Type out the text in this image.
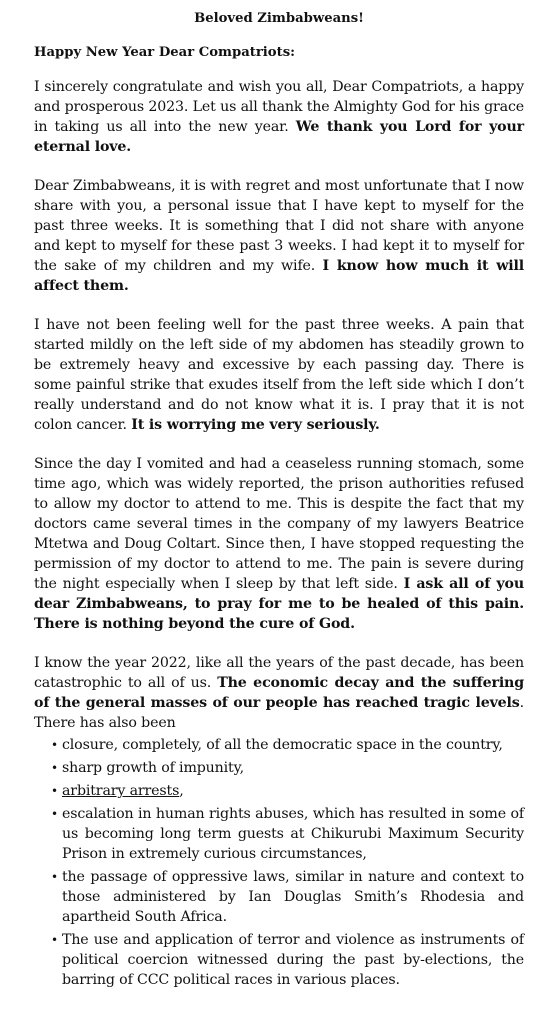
Beloved Zimbabweans!
Happy New Year Dear Compatriots:

I sincerely congratulate and wish you all, Dear Compatriots, a happy and prosperous 2023. Let us all thank the Almighty God for his grace in taking us all into the new year. We thank you Lord for your eternal love.

Dear Zimbabweans, it is with regret and most unfortunate that I now share with you, a personal issue that I have kept to myself for the past three weeks. It is something that I did not share with anyone and kept to myself for these past 3 weeks. I had kept it to myself for the sake of my children and my wife. I know how much it will affect them.

I have not been feeling well for the past three weeks. A pain that started mildly on the left side of my abdomen has steadily grown to be extremely heavy and excessive by each passing day. There is some painful strike that exudes itself from the left side which I don’t really understand and do not know what it is. I pray that it is not colon cancer. It is worrying me very seriously.

Since the day I vomited and had a ceaseless running stomach, some time ago, which was widely reported, the prison authorities refused to allow my doctor to attend to me. This is despite the fact that my doctors came several times in the company of my lawyers Beatrice Mtetwa and Doug Coltart. Since then, I have stopped requesting the permission of my doctor to attend to me. The pain is severe during the night especially when I sleep by that left side. I ask all of you dear Zimbabweans, to pray for me to be healed of this pain. There is nothing beyond the cure of God.

I know the year 2022, like all the years of the past decade, has been catastrophic to all of us. The economic decay and the suffering of the general masses of our people has reached tragic levels. There has also been

• closure, completely, of all the democratic space in the country,
• sharp growth of impunity,
• arbitrary arrests,
• escalation in human rights abuses, which has resulted in some of us becoming long term guests at Chikurubi Maximum Security Prison in extremely curious circumstances,
• the passage of oppressive laws, similar in nature and context to those administered by Ian Douglas Smith’s Rhodesia and apartheid South Africa.
• The use and application of terror and violence as instruments of political coercion witnessed during the past by-elections, the barring of CCC political races in various places.
